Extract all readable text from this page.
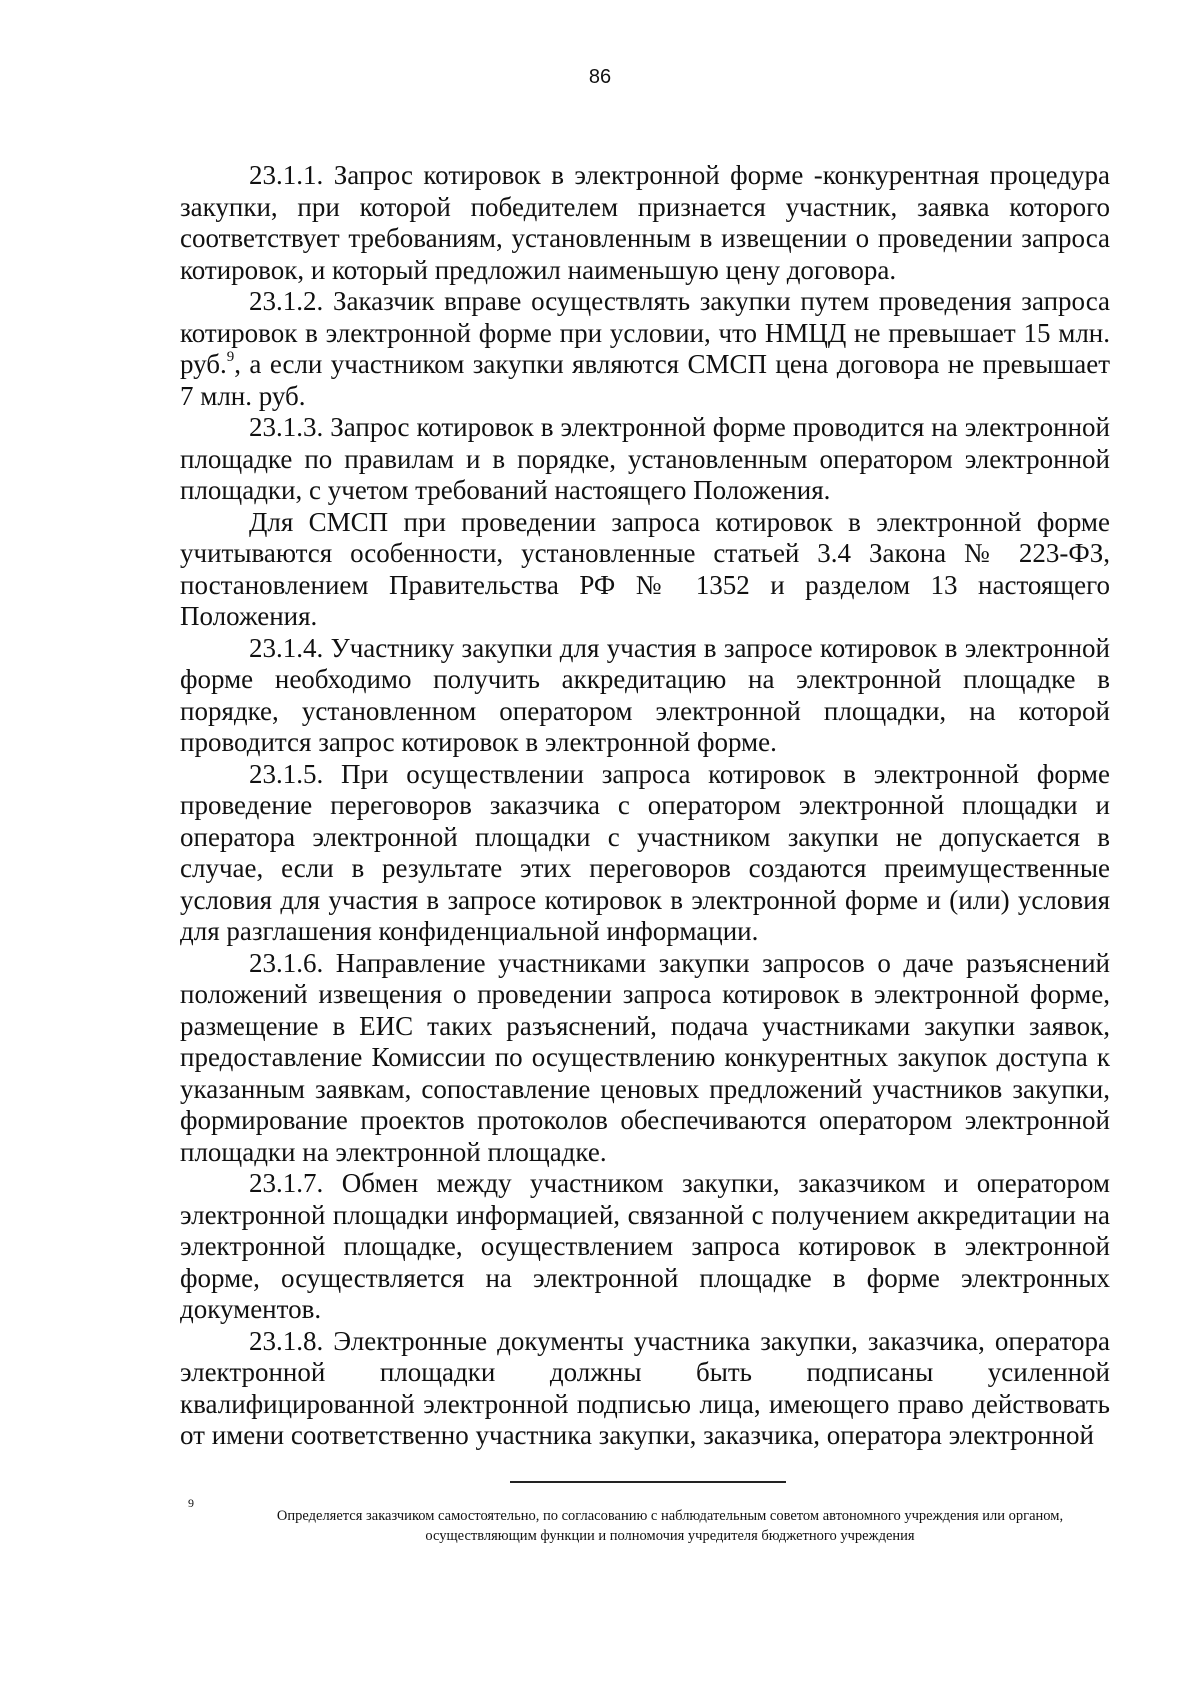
86

23.1.1. Запрос котировок в электронной форме -конкурентная процедура закупки, при которой победителем признается участник, заявка которого соответствует требованиям, установленным в извещении о проведении запроса котировок, и который предложил наименьшую цену договора.

23.1.2. Заказчик вправе осуществлять закупки путем проведения запроса котировок в электронной форме при условии, что НМЦД не превышает 15 млн. руб.$^9$, а если участником закупки являются СМСП цена договора не превышает 7 млн. руб.

23.1.3. Запрос котировок в электронной форме проводится на электронной площадке по правилам и в порядке, установленным оператором электронной площадки, с учетом требований настоящего Положения.

Для СМСП при проведении запроса котировок в электронной форме учитываются особенности, установленные статьей 3.4 Закона № 223-ФЗ, постановлением Правительства РФ № 1352 и разделом 13 настоящего Положения.

23.1.4. Участнику закупки для участия в запросе котировок в электронной форме необходимо получить аккредитацию на электронной площадке в порядке, установленном оператором электронной площадки, на которой проводится запрос котировок в электронной форме.

23.1.5. При осуществлении запроса котировок в электронной форме проведение переговоров заказчика с оператором электронной площадки и оператора электронной площадки с участником закупки не допускается в случае, если в результате этих переговоров создаются преимущественные условия для участия в запросе котировок в электронной форме и (или) условия для разглашения конфиденциальной информации.

23.1.6. Направление участниками закупки запросов о даче разъяснений положений извещения о проведении запроса котировок в электронной форме, размещение в ЕИС таких разъяснений, подача участниками закупки заявок, предоставление Комиссии по осуществлению конкурентных закупок доступа к указанным заявкам, сопоставление ценовых предложений участников закупки, формирование проектов протоколов обеспечиваются оператором электронной площадки на электронной площадке.

23.1.7. Обмен между участником закупки, заказчиком и оператором электронной площадки информацией, связанной с получением аккредитации на электронной площадке, осуществлением запроса котировок в электронной форме, осуществляется на электронной площадке в форме электронных документов.

23.1.8. Электронные документы участника закупки, заказчика, оператора электронной площадки должны быть подписаны усиленной квалифицированной электронной подписью лица, имеющего право действовать от имени соответственно участника закупки, заказчика, оператора электронной

9
Определяется заказчиком самостоятельно, по согласованию с наблюдательным советом автономного учреждения или органом, осуществляющим функции и полномочия учредителя бюджетного учреждения
